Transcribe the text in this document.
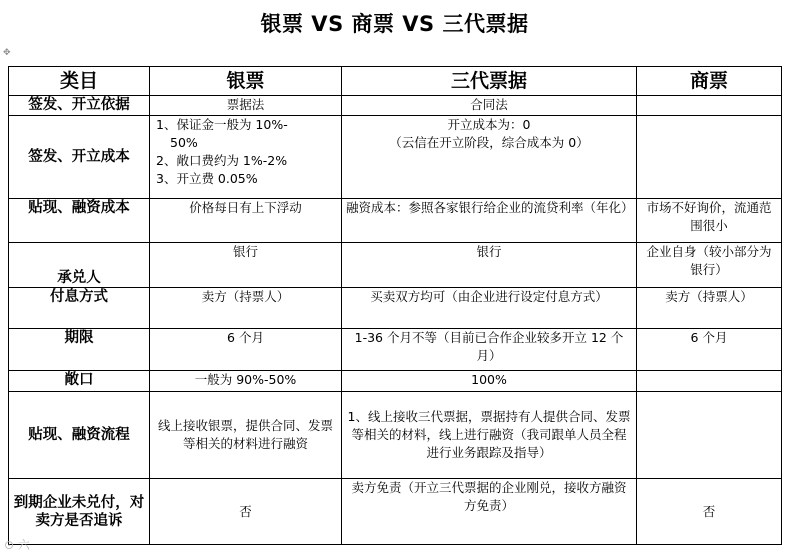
银票 VS 商票 VS 三代票据
✥
类目	银票	三代票据	商票
签发、开立依据	票据法	合同法	
签发、开立成本	1、保证金一般为 10%-
50%
2、敞口费约为 1%-2%
3、开立费 0.05%	开立成本为：0
（云信在开立阶段，综合成本为 0）	

贴现、融资成本	价格每日有上下浮动	融资成本：参照各家银行给企业的流贷利率（年化）	市场不好询价，流通范围很小
承兑人	银行	银行	企业自身（较小部分为银行）
付息方式	卖方（持票人）	买卖双方均可（由企业进行设定付息方式）	卖方（持票人）
期限	6 个月	1-36 个月不等（目前已合作企业较多开立 12 个月）	6 个月
敞口	一般为 90%-50%	100%	
贴现、融资流程	线上接收银票，提供合同、发票等相关的材料进行融资	1、线上接收三代票据，票据持有人提供合同、发票等相关的材料，线上进行融资（我司跟单人员全程进行业务跟踪及指导）	
到期企业未兑付，对卖方是否追诉	否	卖方免责（开立三代票据的企业刚兑，接收方融资方免责）	否
⊙ 六
